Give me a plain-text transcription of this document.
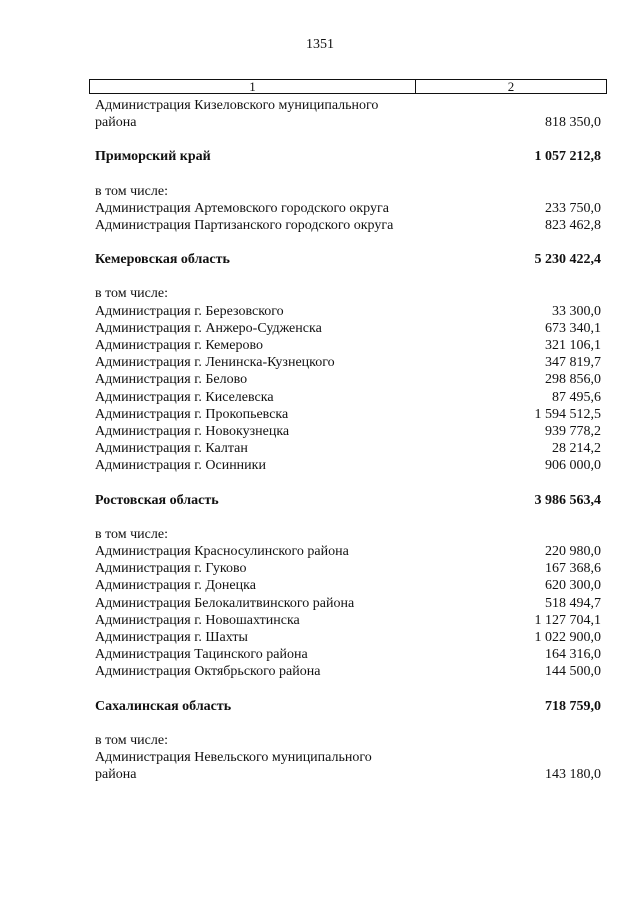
1351
1	2
Администрация Кизеловского муниципального района	818 350,0
Приморский край	1 057 212,8
в том числе:
Администрация Артемовского городского округа	233 750,0
Администрация Партизанского городского округа	823 462,8
Кемеровская область	5 230 422,4
в том числе:
Администрация г. Березовского	33 300,0
Администрация г. Анжеро-Судженска	673 340,1
Администрация г. Кемерово	321 106,1
Администрация г. Ленинска-Кузнецкого	347 819,7
Администрация г. Белово	298 856,0
Администрация г. Киселевска	87 495,6
Администрация г. Прокопьевска	1 594 512,5
Администрация г. Новокузнецка	939 778,2
Администрация г. Калтан	28 214,2
Администрация г. Осинники	906 000,0
Ростовская область	3 986 563,4
в том числе:
Администрация Красносулинского района	220 980,0
Администрация г. Гуково	167 368,6
Администрация г. Донецка	620 300,0
Администрация Белокалитвинского района	518 494,7
Администрация г. Новошахтинска	1 127 704,1
Администрация г. Шахты	1 022 900,0
Администрация Тацинского района	164 316,0
Администрация Октябрьского района	144 500,0
Сахалинская область	718 759,0
в том числе:
Администрация Невельского муниципального района	143 180,0
